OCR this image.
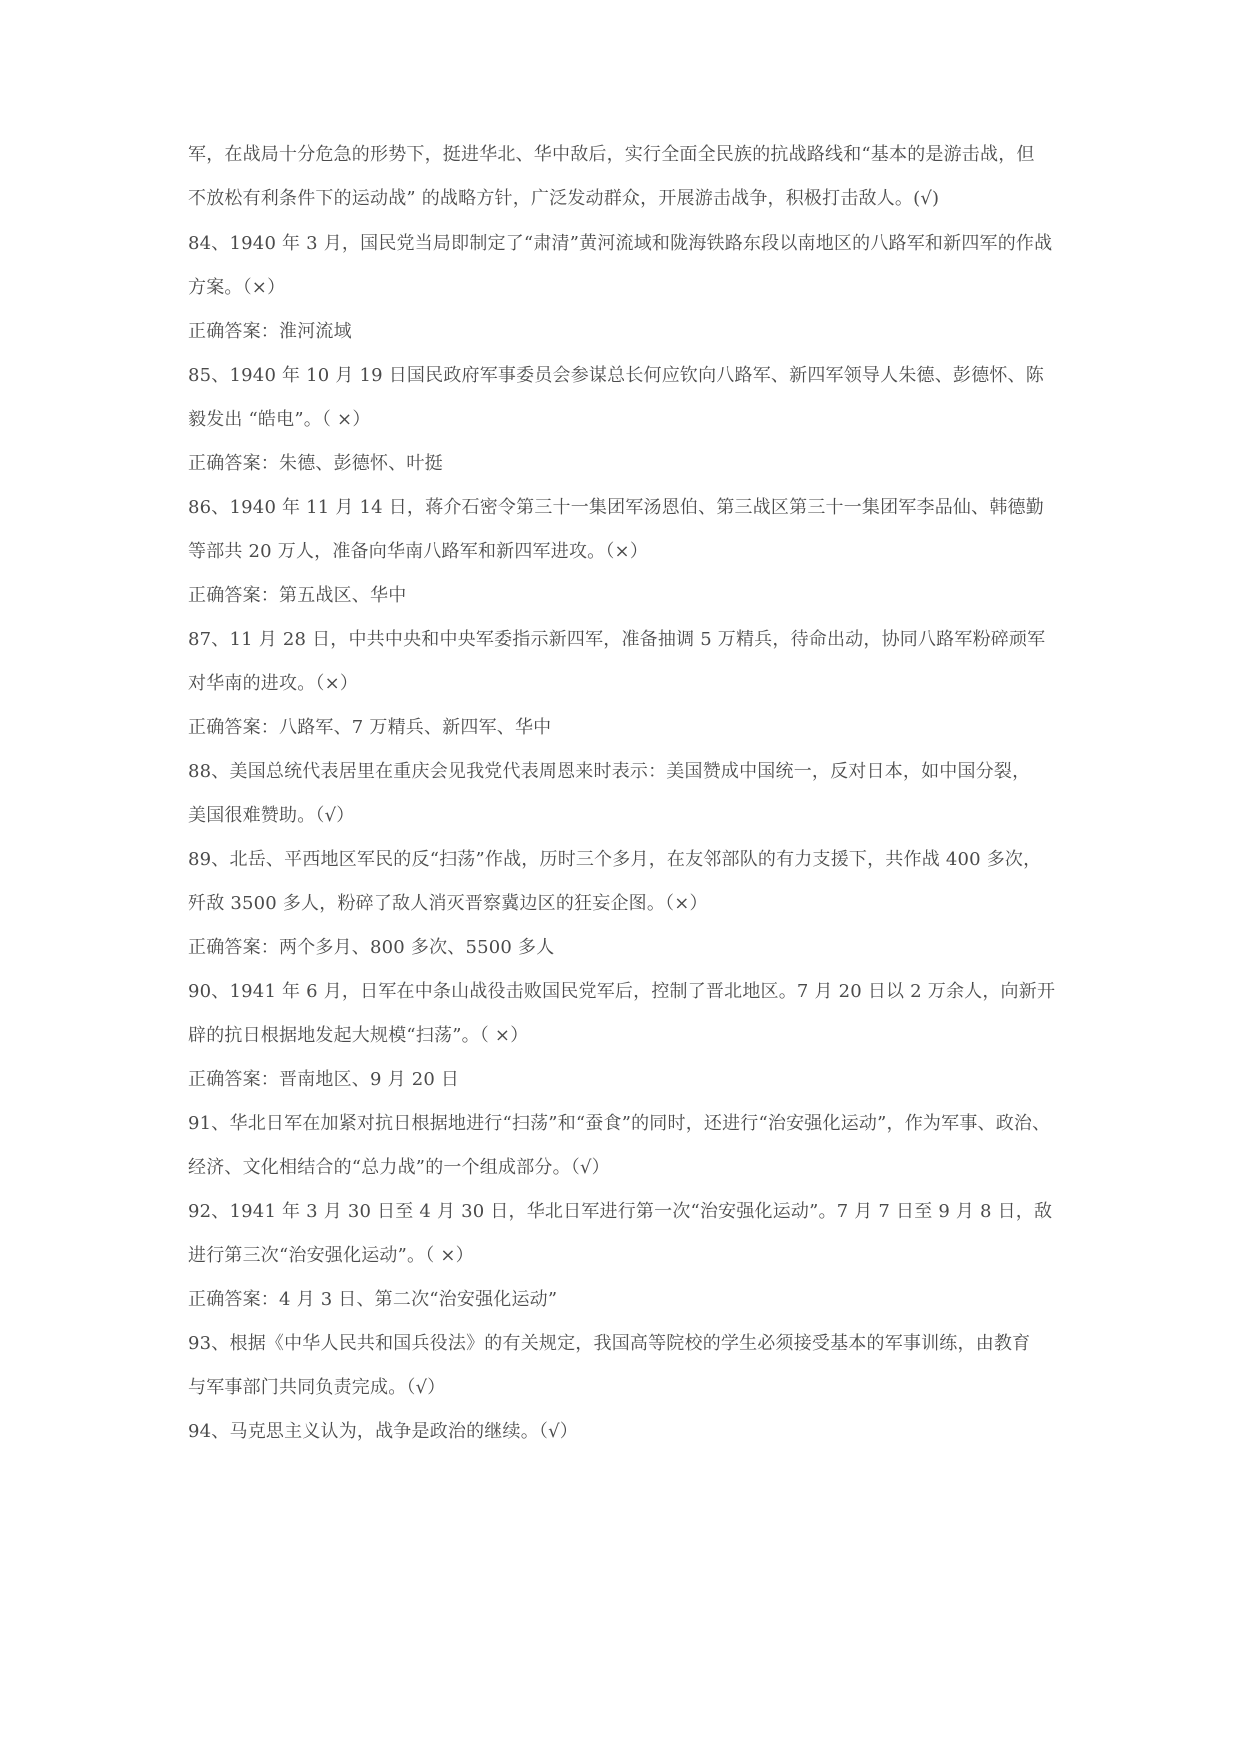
军，在战局十分危急的形势下，挺进华北、华中敌后，实行全面全民族的抗战路线和“基本的是游击战，但
不放松有利条件下的运动战” 的战略方针，广泛发动群众，开展游击战争，积极打击敌人。(√)
84、1940 年 3 月，国民党当局即制定了“肃清”黄河流域和陇海铁路东段以南地区的八路军和新四军的作战
方案。（×）
正确答案：淮河流域
85、1940 年 10 月 19 日国民政府军事委员会参谋总长何应钦向八路军、新四军领导人朱德、彭德怀、陈
毅发出 “皓电”。（ ×）
正确答案：朱德、彭德怀、叶挺
86、1940 年 11 月 14 日，蒋介石密令第三十一集团军汤恩伯、第三战区第三十一集团军李品仙、韩德勤
等部共 20 万人，准备向华南八路军和新四军进攻。（×）
正确答案：第五战区、华中
87、11 月 28 日，中共中央和中央军委指示新四军，准备抽调 5 万精兵，待命出动，协同八路军粉碎顽军
对华南的进攻。（×）
正确答案：八路军、7 万精兵、新四军、华中
88、美国总统代表居里在重庆会见我党代表周恩来时表示：美国赞成中国统一，反对日本，如中国分裂，
美国很难赞助。（√）
89、北岳、平西地区军民的反“扫荡”作战，历时三个多月，在友邻部队的有力支援下，共作战 400 多次，
歼敌 3500 多人，粉碎了敌人消灭晋察冀边区的狂妄企图。（×）
正确答案：两个多月、800 多次、5500 多人
90、1941 年 6 月，日军在中条山战役击败国民党军后，控制了晋北地区。7 月 20 日以 2 万余人，向新开
辟的抗日根据地发起大规模“扫荡”。（ ×）
正确答案：晋南地区、9 月 20 日
91、华北日军在加紧对抗日根据地进行“扫荡”和“蚕食”的同时，还进行“治安强化运动”，作为军事、政治、
经济、文化相结合的“总力战”的一个组成部分。（√）
92、1941 年 3 月 30 日至 4 月 30 日，华北日军进行第一次“治安强化运动”。7 月 7 日至 9 月 8 日，敌
进行第三次“治安强化运动”。（ ×）
正确答案：4 月 3 日、第二次“治安强化运动”
93、根据《中华人民共和国兵役法》的有关规定，我国高等院校的学生必须接受基本的军事训练，由教育
与军事部门共同负责完成。（√）
94、马克思主义认为，战争是政治的继续。（√）
